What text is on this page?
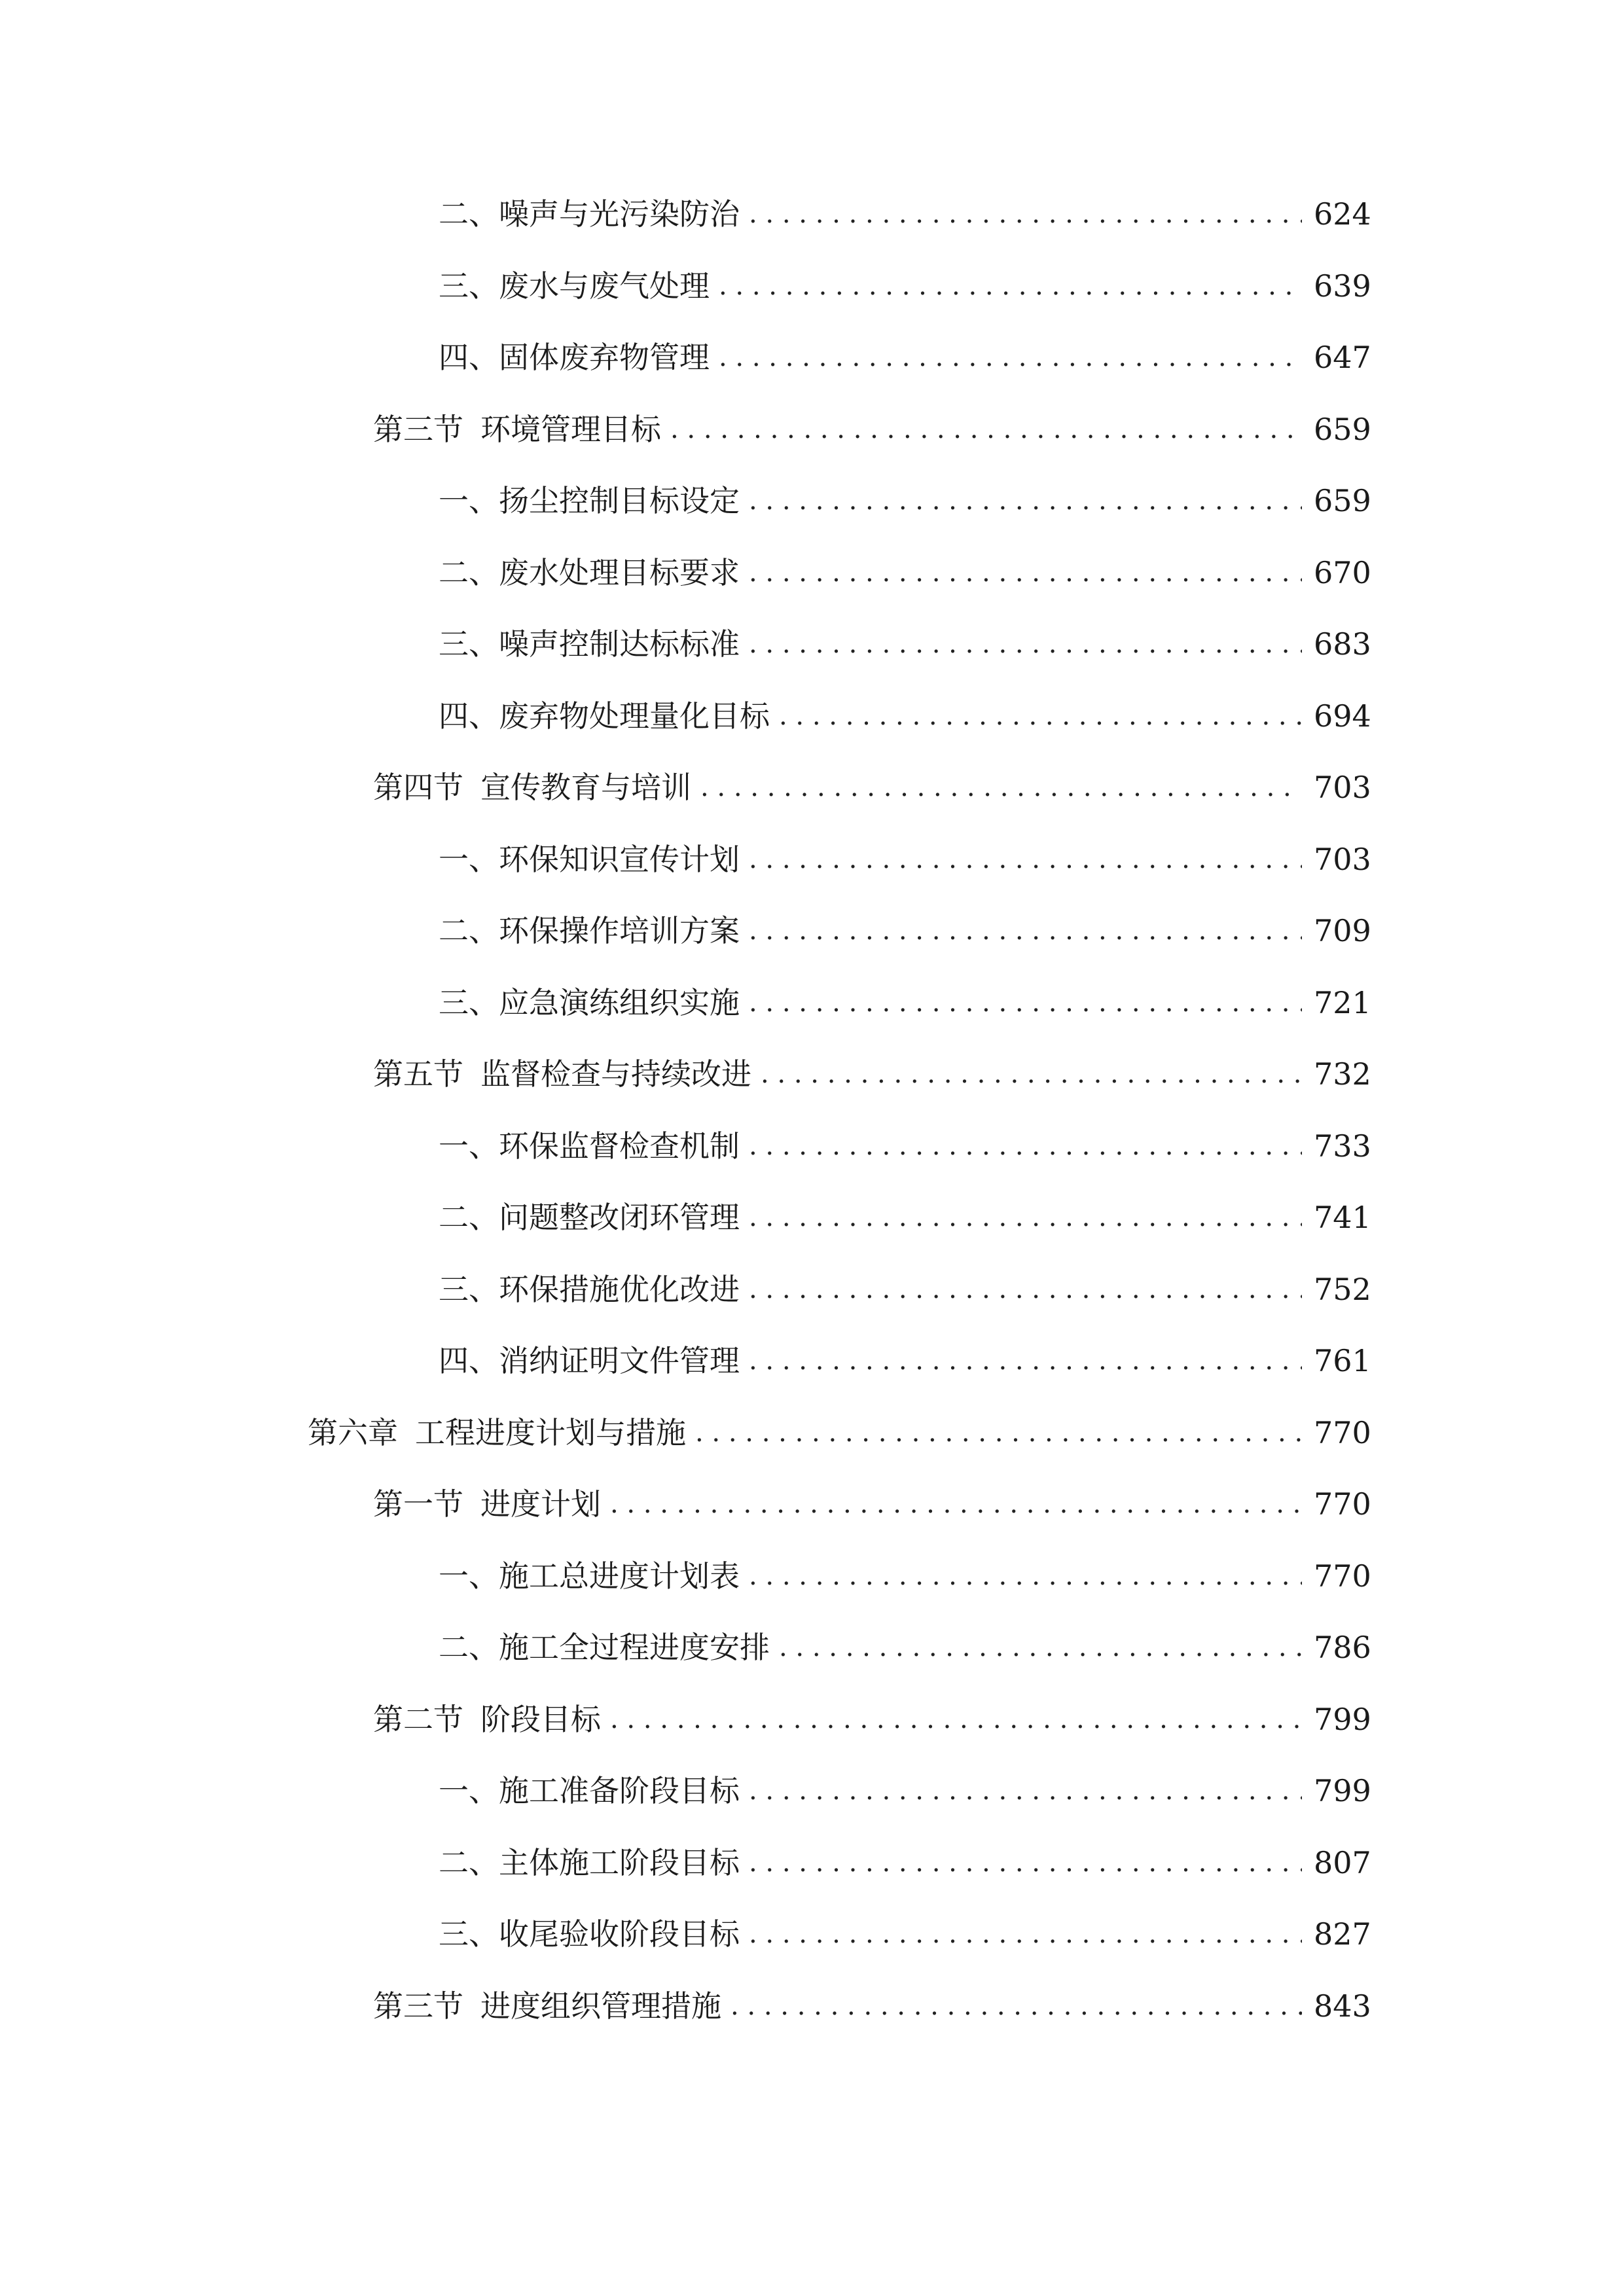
二、 噪声与光污染防治 . . .	624
三、 废水与废气处理 . . .	639
四、 固体废弃物管理 . . .	647
第三节 环境管理目标 . . .	659
一、 扬尘控制目标设定 . . .	659
二、 废水处理目标要求 . . .	670
三、 噪声控制达标标准 . . .	683
四、 废弃物处理量化目标 . . .	694
第四节 宣传教育与培训 . . .	703
一、 环保知识宣传计划 . . .	703
二、 环保操作培训方案 . . .	709
三、 应急演练组织实施 . . .	721
第五节 监督检查与持续改进 . . .	732
一、 环保监督检查机制 . . .	733
二、 问题整改闭环管理 . . .	741
三、 环保措施优化改进 . . .	752
四、 消纳证明文件管理 . . .	761
第六章 工程进度计划与措施 . . .	770
第一节 进度计划 . . .	770
一、 施工总进度计划表 . . .	770
二、 施工全过程进度安排 . . .	786
第二节 阶段目标 . . .	799
一、 施工准备阶段目标 . . .	799
二、 主体施工阶段目标 . . .	807
三、 收尾验收阶段目标 . . .	827
第三节 进度组织管理措施 . . .	843
